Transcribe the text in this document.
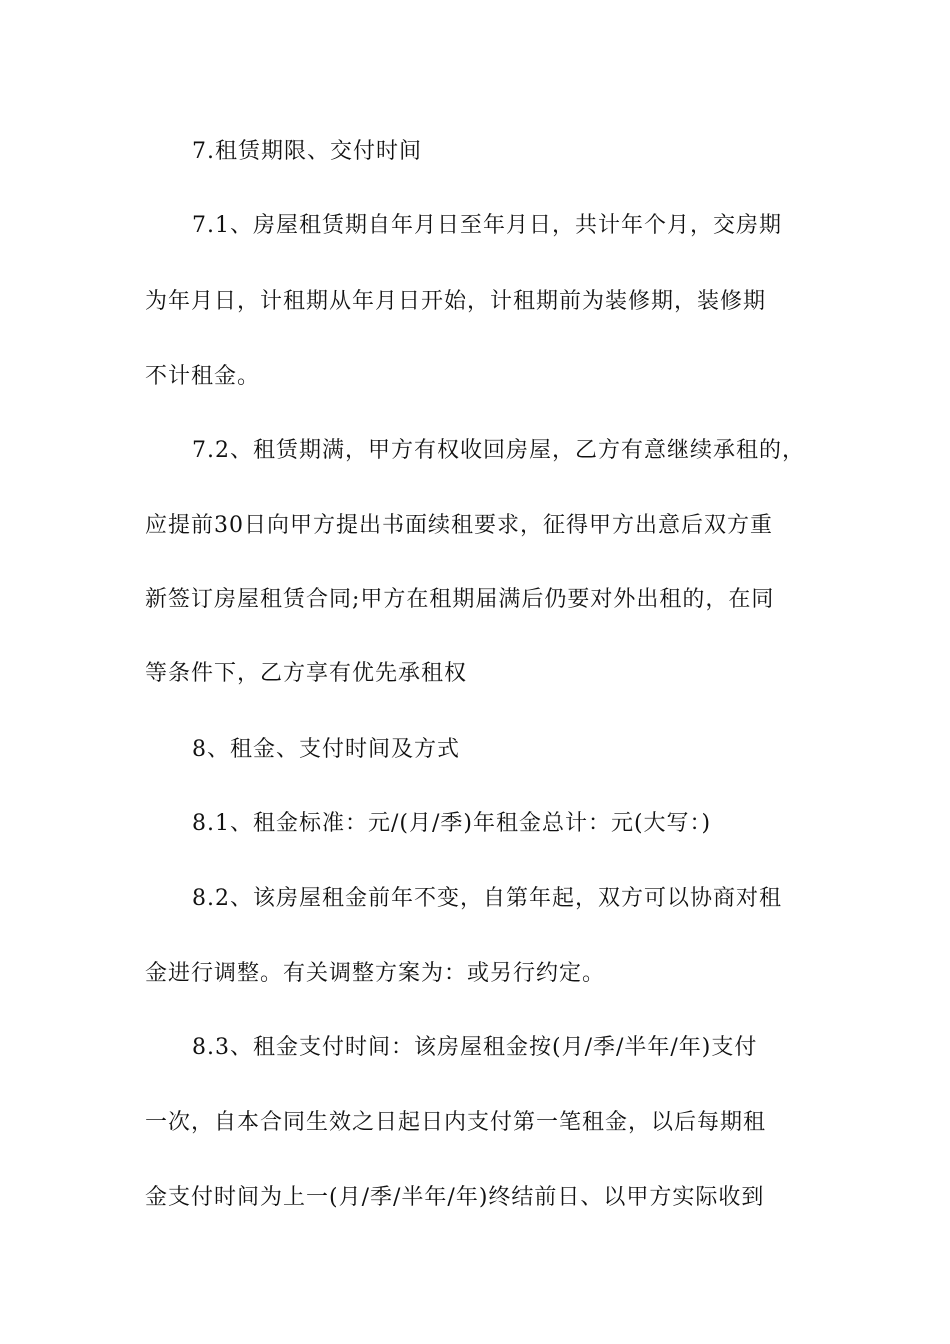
7.租赁期限、交付时间
7.1、房屋租赁期自年月日至年月日，共计年个月，交房期
为年月日，计租期从年月日开始，计租期前为装修期，装修期
不计租金。
7.2、租赁期满，甲方有权收回房屋，乙方有意继续承租的，
应提前30日向甲方提出书面续租要求，征得甲方出意后双方重
新签订房屋租赁合同;甲方在租期届满后仍要对外出租的，在同
等条件下，乙方享有优先承租权
8、租金、支付时间及方式
8.1、租金标准：元/(月/季)年租金总计：元(大写：)
8.2、该房屋租金前年不变，自第年起，双方可以协商对租
金进行调整。有关调整方案为：或另行约定。
8.3、租金支付时间：该房屋租金按(月/季/半年/年)支付
一次，自本合同生效之日起日内支付第一笔租金，以后每期租
金支付时间为上一(月/季/半年/年)终结前日、以甲方实际收到
